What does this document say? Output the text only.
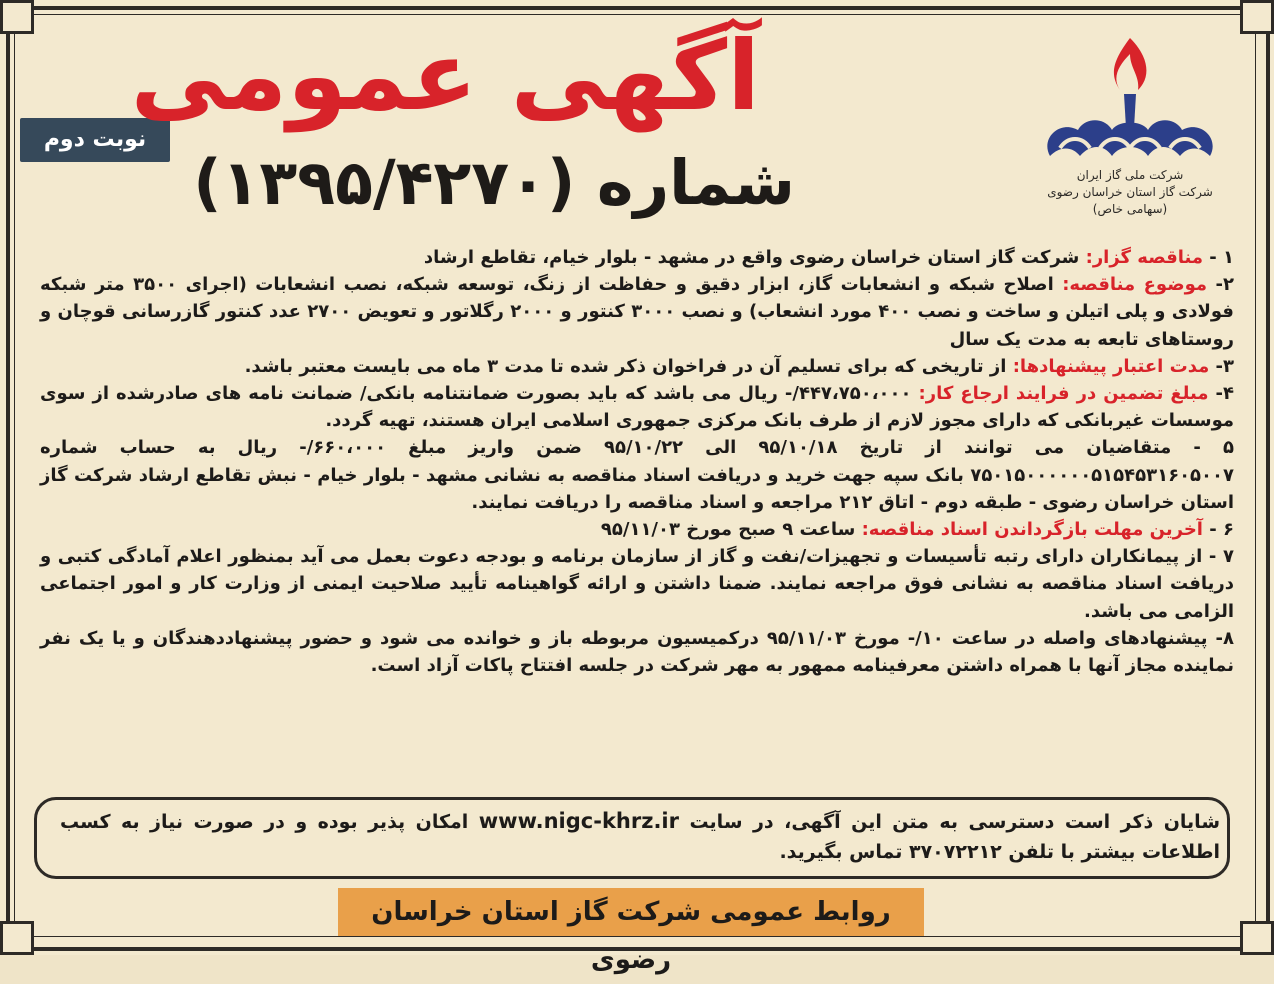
نوبت دوم
آگهی عمومی
شماره (۱۳۹۵/۴۲۷۰)	شرکت ملی گاز ایران
شرکت گاز استان خراسان رضوی
(سهامی خاص)

۱ - مناقصه گزار: شرکت گاز استان خراسان رضوی واقع در مشهد - بلوار خیام، تقاطع ارشاد

۲- موضوع مناقصه: اصلاح شبکه و انشعابات گاز، ابزار دقیق و حفاظت از زنگ، توسعه شبکه، نصب انشعابات (اجرای ۳۵۰۰ متر شبکه فولادی و پلی اتیلن و ساخت و نصب ۴۰۰ مورد انشعاب) و نصب ۳۰۰۰ کنتور و ۲۰۰۰ رگلاتور و تعویض ۲۷۰۰ عدد کنتور گازرسانی قوچان و روستاهای تابعه به مدت یک سال

۳- مدت اعتبار پیشنهادها: از تاریخی که برای تسلیم آن در فراخوان ذکر شده تا مدت ۳ ماه می بایست معتبر باشد.

۴- مبلغ تضمین در فرایند ارجاع کار: ۴۴۷،۷۵۰،۰۰۰/- ریال می باشد که باید بصورت ضمانتنامه بانکی/ ضمانت نامه های صادرشده از سوی موسسات غیربانکی که دارای مجوز لازم از طرف بانک مرکزی جمهوری اسلامی ایران هستند، تهیه گردد.

۵ - متقاضیان می توانند از تاریخ ۹۵/۱۰/۱۸ الی ۹۵/۱۰/۲۲ ضمن واریز مبلغ ۶۶۰،۰۰۰/- ریال به حساب شماره ۷۵۰۱۵۰۰۰۰۰۰۵۱۵۴۵۳۱۶۰۵۰۰۷ بانک سپه جهت خرید و دریافت اسناد مناقصه به نشانی مشهد - بلوار خیام - نبش تقاطع ارشاد شرکت گاز استان خراسان رضوی - طبقه دوم - اتاق ۲۱۲ مراجعه و اسناد مناقصه را دریافت نمایند.

۶ - آخرین مهلت بازگرداندن اسناد مناقصه: ساعت ۹ صبح مورخ ۹۵/۱۱/۰۳

۷ - از پیمانکاران دارای رتبه تأسیسات و تجهیزات/نفت و گاز از سازمان برنامه و بودجه دعوت بعمل می آید بمنظور اعلام آمادگی کتبی و دریافت اسناد مناقصه به نشانی فوق مراجعه نمایند. ضمنا داشتن و ارائه گواهینامه تأیید صلاحیت ایمنی از وزارت کار و امور اجتماعی الزامی می باشد.

۸- پیشنهادهای واصله در ساعت ۱۰/- مورخ ۹۵/۱۱/۰۳ درکمیسیون مربوطه باز و خوانده می شود و حضور پیشنهاددهندگان و یا یک نفر نماینده مجاز آنها با همراه داشتن معرفینامه ممهور به مهر شرکت در جلسه افتتاح پاکات آزاد است.

شایان ذکر است دسترسی به متن این آگهی، در سایت www.nigc-khrz.ir امکان پذیر بوده و در صورت نیاز به کسب اطلاعات بیشتر با تلفن ۳۷۰۷۲۲۱۲ تماس بگیرید.
روابط عمومی شرکت گاز استان خراسان رضوی
